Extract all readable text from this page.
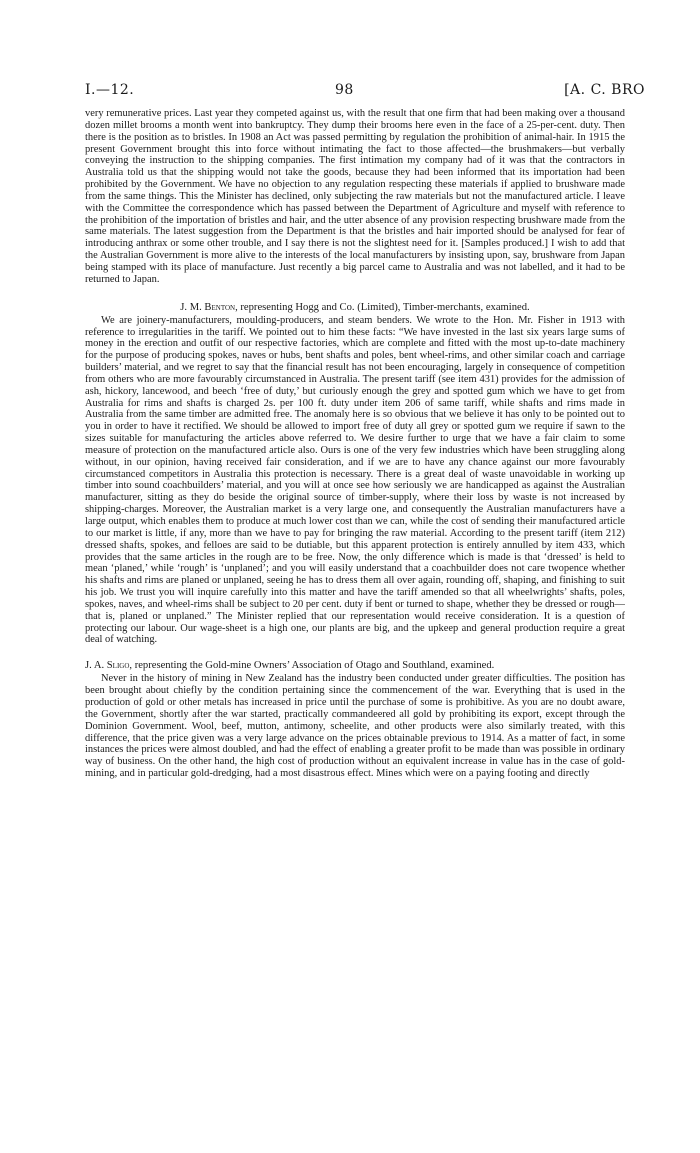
I.—12.	98	[A. C. BRO

very remunerative prices. Last year they competed against us, with the result that one firm that had been making over a thousand dozen millet brooms a month went into bankruptcy. They dump their brooms here even in the face of a 25-per-cent. duty. Then there is the position as to bristles. In 1908 an Act was passed permitting by regulation the prohibition of animal-hair. In 1915 the present Government brought this into force without intimating the fact to those affected—the brushmakers—but verbally conveying the instruction to the shipping companies. The first intimation my company had of it was that the contractors in Australia told us that the shipping would not take the goods, because they had been informed that its importation had been prohibited by the Government. We have no objection to any regulation respecting these materials if applied to brushware made from the same things. This the Minister has declined, only subjecting the raw materials but not the manufactured article. I leave with the Committee the correspondence which has passed between the Department of Agriculture and myself with reference to the prohibition of the importation of bristles and hair, and the utter absence of any provision respecting brushware made from the same materials. The latest suggestion from the Department is that the bristles and hair imported should be analysed for fear of introducing anthrax or some other trouble, and I say there is not the slightest need for it. [Samples produced.] I wish to add that the Australian Government is more alive to the interests of the local manufacturers by insisting upon, say, brushware from Japan being stamped with its place of manufacture. Just recently a big parcel came to Australia and was not labelled, and it had to be returned to Japan.

J. M. Benton, representing Hogg and Co. (Limited), Timber-merchants, examined.

We are joinery-manufacturers, moulding-producers, and steam benders. We wrote to the Hon. Mr. Fisher in 1913 with reference to irregularities in the tariff. We pointed out to him these facts: “We have invested in the last six years large sums of money in the erection and outfit of our respective factories, which are complete and fitted with the most up-to-date machinery for the purpose of producing spokes, naves or hubs, bent shafts and poles, bent wheel-rims, and other similar coach and carriage builders’ material, and we regret to say that the financial result has not been encouraging, largely in consequence of competition from others who are more favourably circumstanced in Australia. The present tariff (see item 431) provides for the admission of ash, hickory, lancewood, and beech ‘free of duty,’ but curiously enough the grey and spotted gum which we have to get from Australia for rims and shafts is charged 2s. per 100 ft. duty under item 206 of same tariff, while shafts and rims made in Australia from the same timber are admitted free. The anomaly here is so obvious that we believe it has only to be pointed out to you in order to have it rectified. We should be allowed to import free of duty all grey or spotted gum we require if sawn to the sizes suitable for manufacturing the articles above referred to. We desire further to urge that we have a fair claim to some measure of protection on the manufactured article also. Ours is one of the very few industries which have been struggling along without, in our opinion, having received fair consideration, and if we are to have any chance against our more favourably circumstanced competitors in Australia this protection is necessary. There is a great deal of waste unavoidable in working up timber into sound coachbuilders’ material, and you will at once see how seriously we are handicapped as against the Australian manufacturer, sitting as they do beside the original source of timber-supply, where their loss by waste is not increased by shipping-charges. Moreover, the Australian market is a very large one, and consequently the Australian manufacturers have a large output, which enables them to produce at much lower cost than we can, while the cost of sending their manufactured article to our market is little, if any, more than we have to pay for bringing the raw material. According to the present tariff (item 212) dressed shafts, spokes, and felloes are said to be dutiable, but this apparent protection is entirely annulled by item 433, which provides that the same articles in the rough are to be free. Now, the only difference which is made is that ‘dressed’ is held to mean ‘planed,’ while ‘rough’ is ‘unplaned’; and you will easily understand that a coachbuilder does not care twopence whether his shafts and rims are planed or unplaned, seeing he has to dress them all over again, rounding off, shaping, and finishing to suit his job. We trust you will inquire carefully into this matter and have the tariff amended so that all wheelwrights’ shafts, poles, spokes, naves, and wheel-rims shall be subject to 20 per cent. duty if bent or turned to shape, whether they be dressed or rough—that is, planed or unplaned.” The Minister replied that our representation would receive consideration. It is a question of protecting our labour. Our wage-sheet is a high one, our plants are big, and the upkeep and general production require a great deal of watching.

J. A. Sligo, representing the Gold-mine Owners’ Association of Otago and Southland, examined.

Never in the history of mining in New Zealand has the industry been conducted under greater difficulties. The position has been brought about chiefly by the condition pertaining since the commencement of the war. Everything that is used in the production of gold or other metals has increased in price until the purchase of some is prohibitive. As you are no doubt aware, the Government, shortly after the war started, practically commandeered all gold by prohibiting its export, except through the Dominion Government. Wool, beef, mutton, antimony, scheelite, and other products were also similarly treated, with this difference, that the price given was a very large advance on the prices obtainable previous to 1914. As a matter of fact, in some instances the prices were almost doubled, and had the effect of enabling a greater profit to be made than was possible in ordinary way of business. On the other hand, the high cost of production without an equivalent increase in value has in the case of gold-mining, and in particular gold-dredging, had a most disastrous effect. Mines which were on a paying footing and directly
